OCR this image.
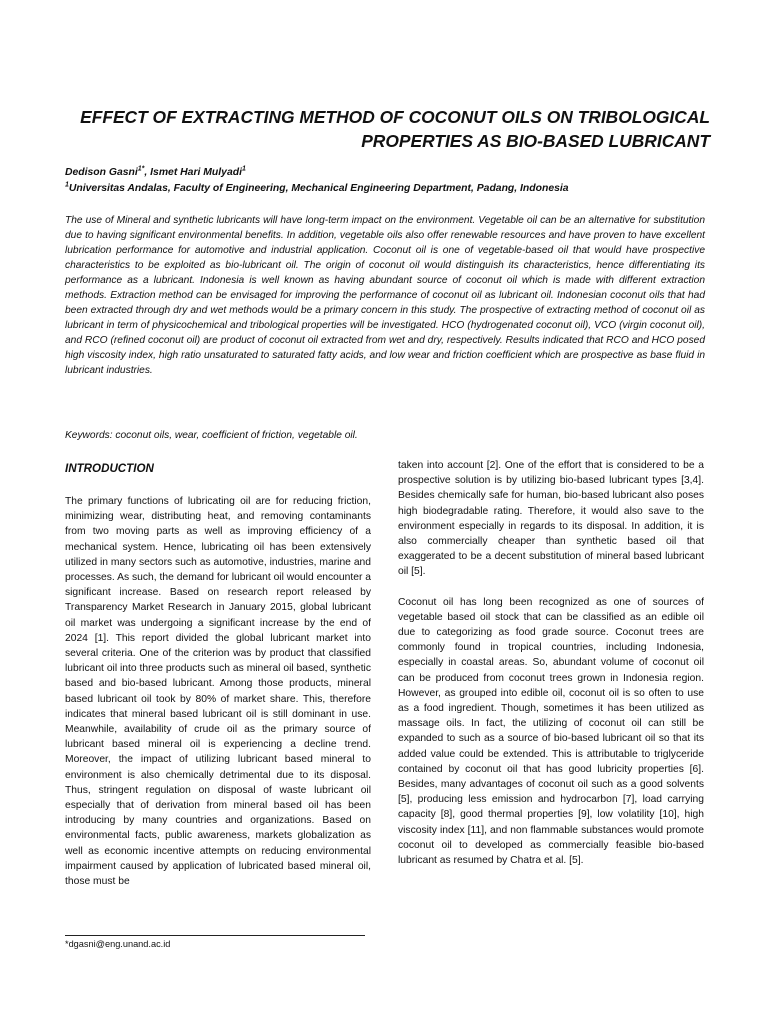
EFFECT OF EXTRACTING METHOD OF COCONUT OILS ON TRIBOLOGICAL
PROPERTIES AS BIO-BASED LUBRICANT
Dedison Gasni$^{1*}$, Ismet Hari Mulyadi$^1$
$^1$Universitas Andalas, Faculty of Engineering, Mechanical Engineering Department, Padang, Indonesia

The use of Mineral and synthetic lubricants will have long-term impact on the environment. Vegetable oil can be an alternative for substitution due to having significant environmental benefits. In addition, vegetable oils also offer renewable resources and have proven to have excellent lubrication performance for automotive and industrial application. Coconut oil is one of vegetable-based oil that would have prospective characteristics to be exploited as bio-lubricant oil. The origin of coconut oil would distinguish its characteristics, hence differentiating its performance as a lubricant. Indonesia is well known as having abundant source of coconut oil which is made with different extraction methods. Extraction method can be envisaged for improving the performance of coconut oil as lubricant oil. Indonesian coconut oils that had been extracted through dry and wet methods would be a primary concern in this study. The prospective of extracting method of coconut oil as lubricant in term of physicochemical and tribological properties will be investigated. HCO (hydrogenated coconut oil), VCO (virgin coconut oil), and RCO (refined coconut oil) are product of coconut oil extracted from wet and dry, respectively. Results indicated that RCO and HCO posed high viscosity index, high ratio unsaturated to saturated fatty acids, and low wear and friction coefficient which are prospective as base fluid in lubricant industries.

Keywords: coconut oils, wear, coefficient of friction, vegetable oil.

INTRODUCTION

The primary functions of lubricating oil are for reducing friction, minimizing wear, distributing heat, and removing contaminants from two moving parts as well as improving efficiency of a mechanical system. Hence, lubricating oil has been extensively utilized in many sectors such as automotive, industries, marine and processes. As such, the demand for lubricant oil would encounter a significant increase. Based on research report released by Transparency Market Research in January 2015, global lubricant oil market was undergoing a significant increase by the end of 2024 [1]. This report divided the global lubricant market into several criteria. One of the criterion was by product that classified lubricant oil into three products such as mineral oil based, synthetic based and bio-based lubricant. Among those products, mineral based lubricant oil took by 80% of market share. This, therefore indicates that mineral based lubricant oil is still dominant in use. Meanwhile, availability of crude oil as the primary source of lubricant based mineral oil is experiencing a decline trend. Moreover, the impact of utilizing lubricant based mineral to environment is also chemically detrimental due to its disposal. Thus, stringent regulation on disposal of waste lubricant oil especially that of derivation from mineral based oil has been introducing by many countries and organizations. Based on environmental facts, public awareness, markets globalization as well as economic incentive attempts on reducing environmental impairment caused by application of lubricated based mineral oil, those must be

taken into account [2]. One of the effort that is considered to be a prospective solution is by utilizing bio-based lubricant types [3,4]. Besides chemically safe for human, bio-based lubricant also poses high biodegradable rating. Therefore, it would also save to the environment especially in regards to its disposal. In addition, it is also commercially cheaper than synthetic based oil that exaggerated to be a decent substitution of mineral based lubricant oil [5].

Coconut oil has long been recognized as one of sources of vegetable based oil stock that can be classified as an edible oil due to categorizing as food grade source. Coconut trees are commonly found in tropical countries, including Indonesia, especially in coastal areas. So, abundant volume of coconut oil can be produced from coconut trees grown in Indonesia region. However, as grouped into edible oil, coconut oil is so often to use as a food ingredient. Though, sometimes it has been utilized as massage oils. In fact, the utilizing of coconut oil can still be expanded to such as a source of bio-based lubricant oil so that its added value could be extended. This is attributable to triglyceride contained by coconut oil that has good lubricity properties [6]. Besides, many advantages of coconut oil such as a good solvents [5], producing less emission and hydrocarbon [7], load carrying capacity [8], good thermal properties [9], low volatility [10], high viscosity index [11], and non flammable substances would promote coconut oil to developed as commercially feasible bio-based lubricant as resumed by Chatra et al. [5].

*dgasni@eng.unand.ac.id
